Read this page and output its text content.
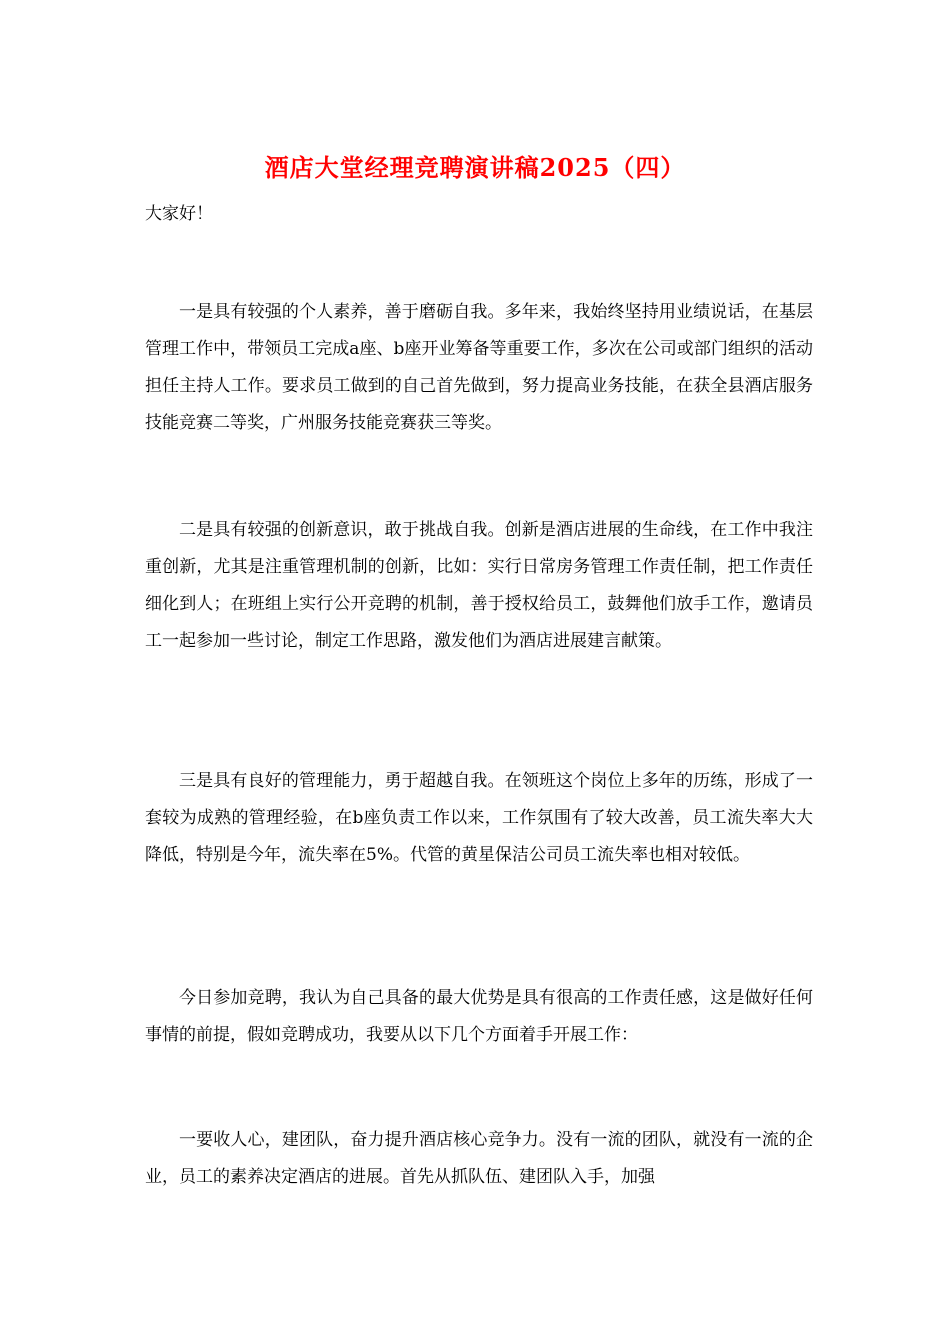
酒店大堂经理竞聘演讲稿2025（四）

大家好！

一是具有较强的个人素养，善于磨砺自我。多年来，我始终坚持用业绩说话，在基层管理工作中，带领员工完成a座、b座开业筹备等重要工作，多次在公司或部门组织的活动担任主持人工作。要求员工做到的自己首先做到，努力提高业务技能，在获全县酒店服务技能竞赛二等奖，广州服务技能竞赛获三等奖。

二是具有较强的创新意识，敢于挑战自我。创新是酒店进展的生命线，在工作中我注重创新，尤其是注重管理机制的创新，比如：实行日常房务管理工作责任制，把工作责任细化到人；在班组上实行公开竞聘的机制，善于授权给员工，鼓舞他们放手工作，邀请员工一起参加一些讨论，制定工作思路，激发他们为酒店进展建言献策。

三是具有良好的管理能力，勇于超越自我。在领班这个岗位上多年的历练，形成了一套较为成熟的管理经验，在b座负责工作以来，工作氛围有了较大改善，员工流失率大大降低，特别是今年，流失率在5%。代管的黄星保洁公司员工流失率也相对较低。

今日参加竞聘，我认为自己具备的最大优势是具有很高的工作责任感，这是做好任何事情的前提，假如竞聘成功，我要从以下几个方面着手开展工作：

一要收人心，建团队，奋力提升酒店核心竞争力。没有一流的团队，就没有一流的企业，员工的素养决定酒店的进展。首先从抓队伍、建团队入手，加强
